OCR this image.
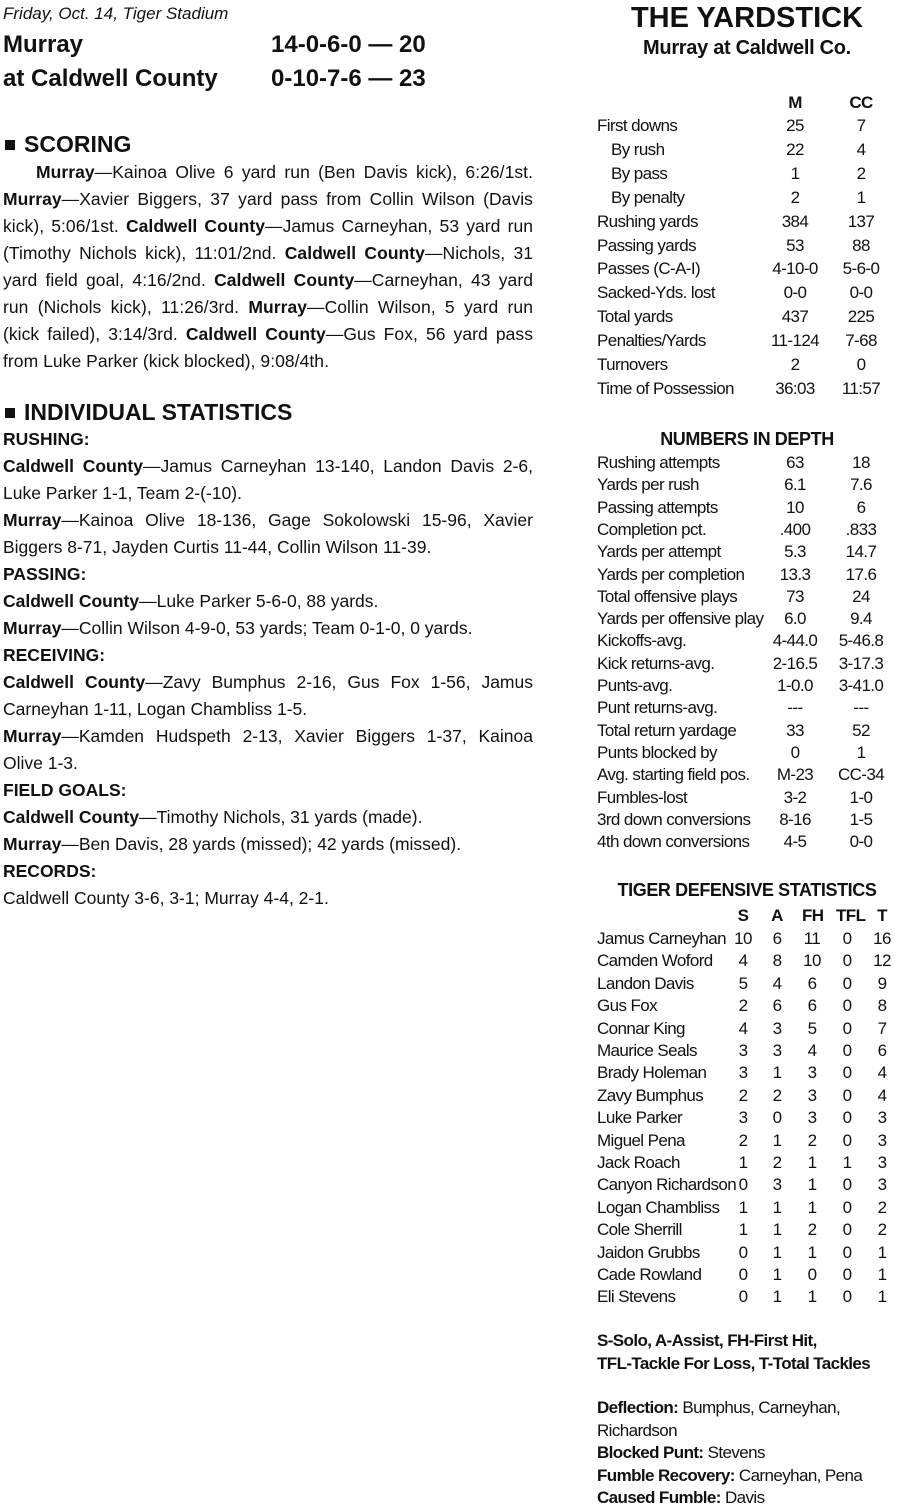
Friday, Oct. 14, Tiger Stadium
Murray	14-0-6-0 — 20
at Caldwell County	0-10-7-6 — 23
SCORING

Murray—Kainoa Olive 6 yard run (Ben Davis kick), 6:26/1st. Murray—Xavier Biggers, 37 yard pass from Collin Wilson (Davis kick), 5:06/1st. Caldwell County—Jamus Carneyhan, 53 yard run (Timothy Nichols kick), 11:01/2nd. Caldwell County—Nichols, 31 yard field goal, 4:16/2nd. Caldwell County—Carneyhan, 43 yard run (Nichols kick), 11:26/3rd. Murray—Collin Wilson, 5 yard run (kick failed), 3:14/3rd. Caldwell County—Gus Fox, 56 yard pass from Luke Parker (kick blocked), 9:08/4th.

INDIVIDUAL STATISTICS
RUSHING:

Caldwell County—Jamus Carneyhan 13-140, Landon Davis 2-6, Luke Parker 1-1, Team 2-(-10).

Murray—Kainoa Olive 18-136, Gage Sokolowski 15-96, Xavier Biggers 8-71, Jayden Curtis 11-44, Collin Wilson 11-39.

PASSING:

Caldwell County—Luke Parker 5-6-0, 88 yards.

Murray—Collin Wilson 4-9-0, 53 yards; Team 0-1-0, 0 yards.

RECEIVING:

Caldwell County—Zavy Bumphus 2-16, Gus Fox 1-56, Jamus Carneyhan 1-11, Logan Chambliss 1-5.

Murray—Kamden Hudspeth 2-13, Xavier Biggers 1-37, Kainoa Olive 1-3.

FIELD GOALS:

Caldwell County—Timothy Nichols, 31 yards (made).

Murray—Ben Davis, 28 yards (missed); 42 yards (missed).

RECORDS:

Caldwell County 3-6, 3-1; Murray 4-4, 2-1.

THE YARDSTICK
Murray at Caldwell Co.
M	CC
First downs	25	7
By rush	22	4
By pass	1	2
By penalty	2	1
Rushing yards	384	137
Passing yards	53	88
Passes (C-A-I)	4-10-0	5-6-0
Sacked-Yds. lost	0-0	0-0
Total yards	437	225
Penalties/Yards	11-124	7-68
Turnovers	2	0
Time of Possession	36:03	11:57
NUMBERS IN DEPTH
Rushing attempts	63	18
Yards per rush	6.1	7.6
Passing attempts	10	6
Completion pct.	.400	.833
Yards per attempt	5.3	14.7
Yards per completion	13.3	17.6
Total offensive plays	73	24
Yards per offensive play	6.0	9.4
Kickoffs-avg.	4-44.0	5-46.8
Kick returns-avg.	2-16.5	3-17.3
Punts-avg.	1-0.0	3-41.0
Punt returns-avg.	---	---
Total return yardage	33	52
Punts blocked by	0	1
Avg. starting field pos.	M-23	CC-34
Fumbles-lost	3-2	1-0
3rd down conversions	8-16	1-5
4th down conversions	4-5	0-0
TIGER DEFENSIVE STATISTICS
S A FH TFL T
Jamus Carneyhan 10	6	11	0	16
Camden Woford	4	8	10	0	12
Landon Davis	5	4	6	0	9
Gus Fox	2	6	6	0	8
Connar King	4	3	5	0	7
Maurice Seals	3	3	4	0	6
Brady Holeman	3	1	3	0	4
Zavy Bumphus	2	2	3	0	4
Luke Parker	3	0	3	0	3
Miguel Pena	2	1	2	0	3
Jack Roach	1	2	1	1	3
Canyon Richardson 0	3	1	0	3
Logan Chambliss	1	1	1	0	2
Cole Sherrill	1	1	2	0	2
Jaidon Grubbs	0	1	1	0	1
Cade Rowland	0	1	0	0	1
Eli Stevens	0	1	1	0	1
S-Solo, A-Assist, FH-First Hit,
TFL-Tackle For Loss, T-Total Tackles

Deflection: Bumphus, Carneyhan, Richardson

Blocked Punt: Stevens

Fumble Recovery: Carneyhan, Pena

Caused Fumble: Davis
